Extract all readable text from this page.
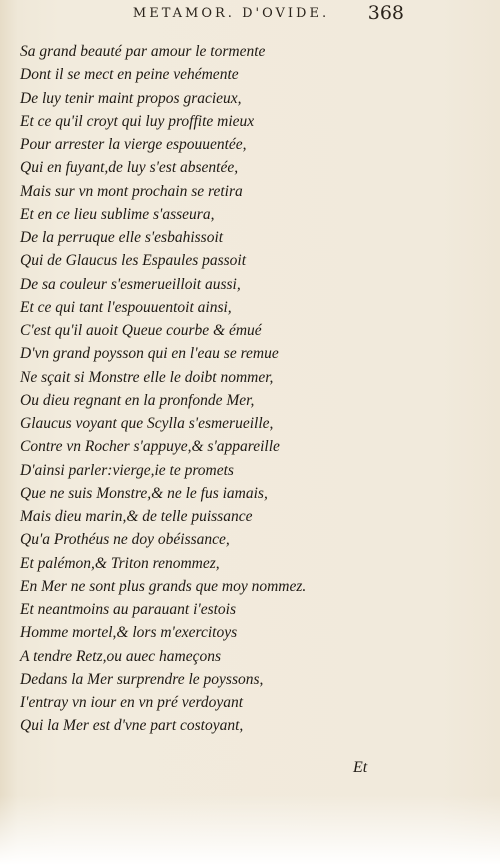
METAMOR. D'OVIDE.	368
Sa grand beauté par amour le tormente
Dont il se mect en peine vehémente
De luy tenir maint propos gracieux,
Et ce qu'il croyt qui luy proffite mieux
Pour arrester la vierge espouuentée,
Qui en fuyant,de luy s'est absentée,
Mais sur vn mont prochain se retira
Et en ce lieu sublime s'asseura,
De la perruque elle s'esbahissoit
Qui de Glaucus les Espaules passoit
De sa couleur s'esmerueilloit aussi,
Et ce qui tant l'espouuentoit ainsi,
C'est qu'il auoit Queue courbe & émué
D'vn grand poysson qui en l'eau se remue
Ne sçait si Monstre elle le doibt nommer,
Ou dieu regnant en la pronfonde Mer,
Glaucus voyant que Scylla s'esmerueille,
Contre vn Rocher s'appuye,& s'appareille
D'ainsi parler:vierge,ie te promets
Que ne suis Monstre,& ne le fus iamais,
Mais dieu marin,& de telle puissance
Qu'a Prothéus ne doy obéissance,
Et palémon,& Triton renommez,
En Mer ne sont plus grands que moy nommez.
Et neantmoins au parauant i'estois
Homme mortel,& lors m'exercitoys
A tendre Retz,ou auec hameçons
Dedans la Mer surprendre le poyssons,
I'entray vn iour en vn pré verdoyant
Qui la Mer est d'vne part costoyant,
Et
